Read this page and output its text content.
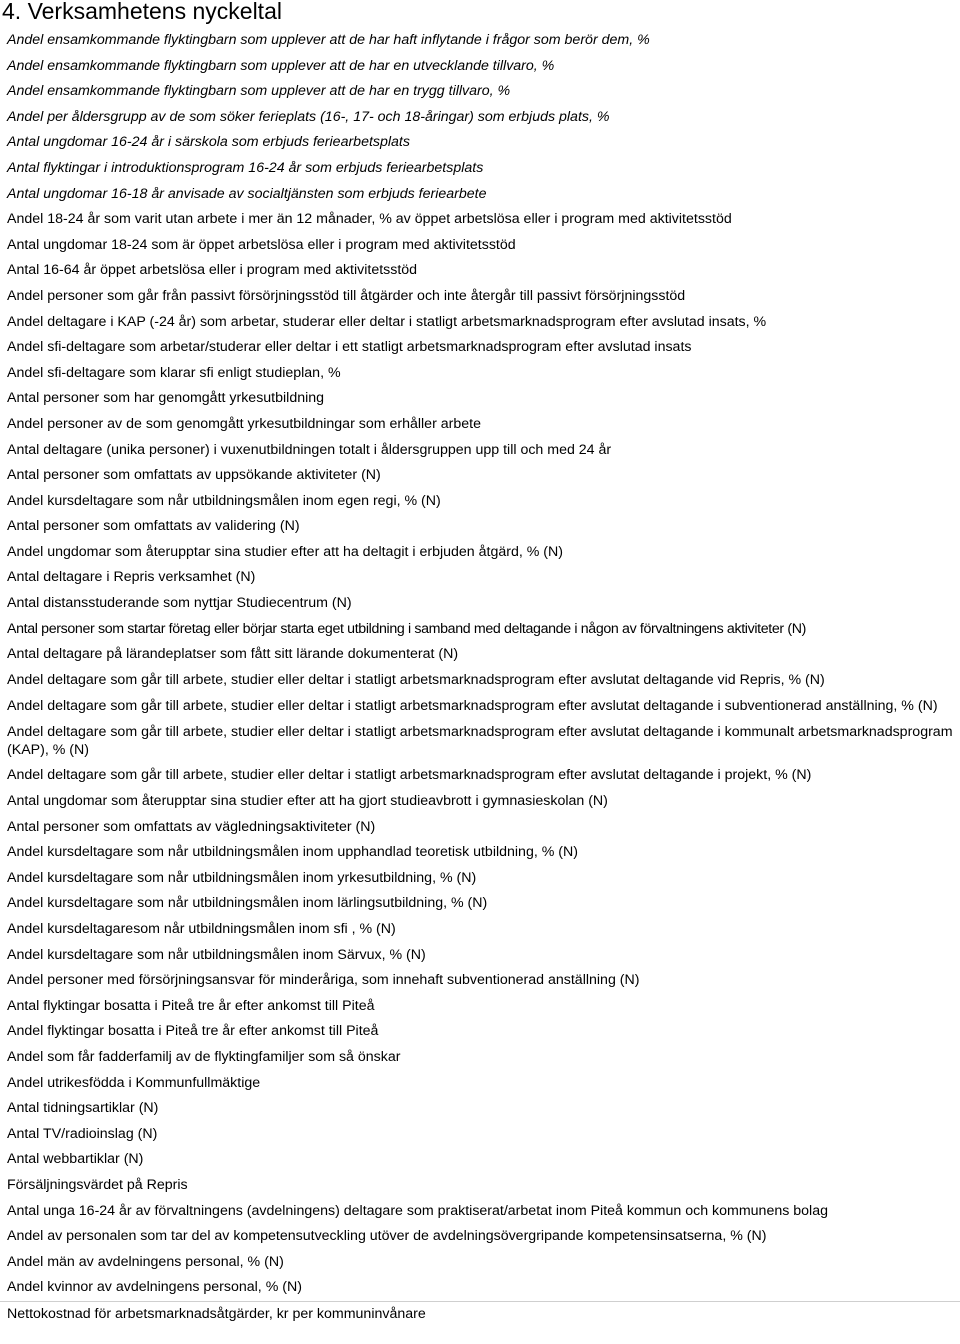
4. Verksamhetens nyckeltal
Andel ensamkommande flyktingbarn som upplever att de har haft inflytande i frågor som berör dem, %
Andel ensamkommande flyktingbarn som upplever att de har en utvecklande tillvaro, %
Andel ensamkommande flyktingbarn som upplever att de har en trygg tillvaro, %
Andel per åldersgrupp av de som söker ferieplats (16-, 17- och 18-åringar) som erbjuds plats, %
Antal ungdomar 16-24 år i särskola som erbjuds feriearbetsplats
Antal flyktingar i introduktionsprogram 16-24 år som erbjuds feriearbetsplats
Antal ungdomar 16-18 år anvisade av socialtjänsten som erbjuds feriearbete
Andel 18-24 år som varit utan arbete i mer än 12 månader, % av öppet arbetslösa eller i program med aktivitetsstöd
Antal ungdomar 18-24 som är öppet arbetslösa eller i program med aktivitetsstöd
Antal 16-64 år öppet arbetslösa eller i program med aktivitetsstöd
Andel personer som går från passivt försörjningsstöd till åtgärder och inte återgår till passivt försörjningsstöd
Andel deltagare i KAP (-24 år) som arbetar, studerar eller deltar i statligt arbetsmarknadsprogram efter avslutad insats, %
Andel sfi-deltagare som arbetar/studerar eller deltar i ett statligt arbetsmarknadsprogram efter avslutad insats
Andel sfi-deltagare som klarar sfi enligt studieplan, %
Antal personer som har genomgått yrkesutbildning
Andel personer av de som genomgått yrkesutbildningar som erhåller arbete
Antal deltagare (unika personer) i vuxenutbildningen totalt i åldersgruppen upp till och med 24 år
Antal personer som omfattats av uppsökande aktiviteter (N)
Andel kursdeltagare som når utbildningsmålen inom egen regi, % (N)
Antal personer som omfattats av validering (N)
Andel ungdomar som återupptar sina studier efter att ha deltagit i erbjuden åtgärd, % (N)
Antal deltagare i Repris verksamhet (N)
Antal distansstuderande som nyttjar Studiecentrum (N)
Antal personer som startar företag eller börjar starta eget utbildning i samband med deltagande i någon av förvaltningens aktiviteter (N)
Antal deltagare på lärandeplatser som fått sitt lärande dokumenterat (N)
Andel deltagare som går till arbete, studier eller deltar i statligt arbetsmarknadsprogram efter avslutat deltagande vid Repris, % (N)
Andel deltagare som går till arbete, studier eller deltar i statligt arbetsmarknadsprogram efter avslutat deltagande i subventionerad anställning, % (N)
Andel deltagare som går till arbete, studier eller deltar i statligt arbetsmarknadsprogram efter avslutat deltagande i kommunalt arbetsmarknadsprogram (KAP), % (N)
Andel deltagare som går till arbete, studier eller deltar i statligt arbetsmarknadsprogram efter avslutat deltagande i projekt, % (N)
Antal ungdomar som återupptar sina studier efter att ha gjort studieavbrott i gymnasieskolan (N)
Antal personer som omfattats av vägledningsaktiviteter (N)
Andel kursdeltagare som når utbildningsmålen inom upphandlad teoretisk utbildning, % (N)
Andel kursdeltagare som når utbildningsmålen inom yrkesutbildning, % (N)
Andel kursdeltagare som når utbildningsmålen inom lärlingsutbildning, % (N)
Andel kursdeltagaresom når utbildningsmålen inom sfi , % (N)
Andel kursdeltagare som når utbildningsmålen inom Särvux, % (N)
Andel personer med försörjningsansvar för minderåriga, som innehaft subventionerad anställning (N)
Antal flyktingar bosatta i Piteå tre år efter ankomst till Piteå
Andel flyktingar bosatta i Piteå tre år efter ankomst till Piteå
Andel som får fadderfamilj av de flyktingfamiljer som så önskar
Andel utrikesfödda i Kommunfullmäktige
Antal tidningsartiklar (N)
Antal TV/radioinslag (N)
Antal webbartiklar (N)
Försäljningsvärdet på Repris
Antal unga 16-24 år av förvaltningens (avdelningens) deltagare som praktiserat/arbetat inom Piteå kommun och kommunens bolag
Andel av personalen som tar del av kompetensutveckling utöver de avdelningsövergripande kompetensinsatserna, % (N)
Andel män av avdelningens personal, % (N)
Andel kvinnor av avdelningens personal, % (N)
Nettokostnad för arbetsmarknadsåtgärder, kr per kommuninvånare
